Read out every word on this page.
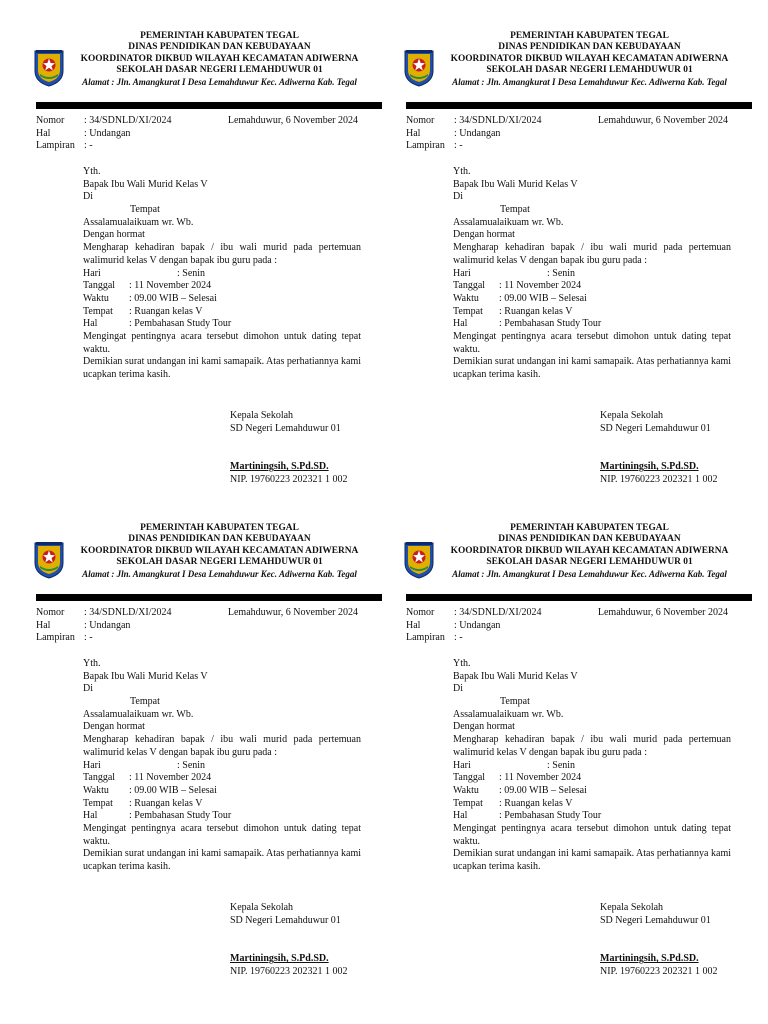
PEMERINTAH KABUPATEN TEGAL
DINAS PENDIDIKAN DAN KEBUDAYAAN
KOORDINATOR DIKBUD WILAYAH KECAMATAN ADIWERNA
SEKOLAH DASAR NEGERI LEMAHDUWUR 01
Alamat : Jln. Amangkurat I Desa Lemahduwur Kec. Adiwerna Kab. Tegal
Nomor : 34/SDNLD/XI/2024	Lemahduwur, 6 November 2024
Hal	: Undangan
Lampiran : -
Yth.
Bapak Ibu Wali Murid Kelas V
Di
Tempat
Assalamualaikuam wr. Wb.
Dengan hormat
Mengharap kehadiran bapak / ibu wali murid pada pertemuan walimurid kelas V dengan bapak ibu guru pada :
Hari	: Senin
Tanggal : 11 November 2024
Waktu : 09.00 WIB – Selesai
Tempat : Ruangan kelas V
Hal	: Pembahasan Study Tour
Mengingat pentingnya acara tersebut dimohon untuk dating tepat waktu.
Demikian surat undangan ini kami samapaik. Atas perhatiannya kami ucapkan terima kasih.
Kepala Sekolah
SD Negeri Lemahduwur 01
Martiningsih, S.Pd.SD.
NIP. 19760223 202321 1 002
PEMERINTAH KABUPATEN TEGAL
DINAS PENDIDIKAN DAN KEBUDAYAAN
KOORDINATOR DIKBUD WILAYAH KECAMATAN ADIWERNA
SEKOLAH DASAR NEGERI LEMAHDUWUR 01
Alamat : Jln. Amangkurat I Desa Lemahduwur Kec. Adiwerna Kab. Tegal
Nomor : 34/SDNLD/XI/2024	Lemahduwur, 6 November 2024
Hal	: Undangan
Lampiran : -
Yth.
Bapak Ibu Wali Murid Kelas V
Di
Tempat
Assalamualaikuam wr. Wb.
Dengan hormat
Mengharap kehadiran bapak / ibu wali murid pada pertemuan walimurid kelas V dengan bapak ibu guru pada :
Hari	: Senin
Tanggal : 11 November 2024
Waktu : 09.00 WIB – Selesai
Tempat : Ruangan kelas V
Hal	: Pembahasan Study Tour
Mengingat pentingnya acara tersebut dimohon untuk dating tepat waktu.
Demikian surat undangan ini kami samapaik. Atas perhatiannya kami ucapkan terima kasih.
Kepala Sekolah
SD Negeri Lemahduwur 01
Martiningsih, S.Pd.SD.
NIP. 19760223 202321 1 002
PEMERINTAH KABUPATEN TEGAL
DINAS PENDIDIKAN DAN KEBUDAYAAN
KOORDINATOR DIKBUD WILAYAH KECAMATAN ADIWERNA
SEKOLAH DASAR NEGERI LEMAHDUWUR 01
Alamat : Jln. Amangkurat I Desa Lemahduwur Kec. Adiwerna Kab. Tegal
Nomor : 34/SDNLD/XI/2024	Lemahduwur, 6 November 2024
Hal	: Undangan
Lampiran : -
Yth.
Bapak Ibu Wali Murid Kelas V
Di
Tempat
Assalamualaikuam wr. Wb.
Dengan hormat
Mengharap kehadiran bapak / ibu wali murid pada pertemuan walimurid kelas V dengan bapak ibu guru pada :
Hari	: Senin
Tanggal : 11 November 2024
Waktu : 09.00 WIB – Selesai
Tempat : Ruangan kelas V
Hal	: Pembahasan Study Tour
Mengingat pentingnya acara tersebut dimohon untuk dating tepat waktu.
Demikian surat undangan ini kami samapaik. Atas perhatiannya kami ucapkan terima kasih.
Kepala Sekolah
SD Negeri Lemahduwur 01
Martiningsih, S.Pd.SD.
NIP. 19760223 202321 1 002
PEMERINTAH KABUPATEN TEGAL
DINAS PENDIDIKAN DAN KEBUDAYAAN
KOORDINATOR DIKBUD WILAYAH KECAMATAN ADIWERNA
SEKOLAH DASAR NEGERI LEMAHDUWUR 01
Alamat : Jln. Amangkurat I Desa Lemahduwur Kec. Adiwerna Kab. Tegal
Nomor : 34/SDNLD/XI/2024	Lemahduwur, 6 November 2024
Hal	: Undangan
Lampiran : -
Yth.
Bapak Ibu Wali Murid Kelas V
Di
Tempat
Assalamualaikuam wr. Wb.
Dengan hormat
Mengharap kehadiran bapak / ibu wali murid pada pertemuan walimurid kelas V dengan bapak ibu guru pada :
Hari	: Senin
Tanggal : 11 November 2024
Waktu : 09.00 WIB – Selesai
Tempat : Ruangan kelas V
Hal	: Pembahasan Study Tour
Mengingat pentingnya acara tersebut dimohon untuk dating tepat waktu.
Demikian surat undangan ini kami samapaik. Atas perhatiannya kami ucapkan terima kasih.
Kepala Sekolah
SD Negeri Lemahduwur 01
Martiningsih, S.Pd.SD.
NIP. 19760223 202321 1 002
